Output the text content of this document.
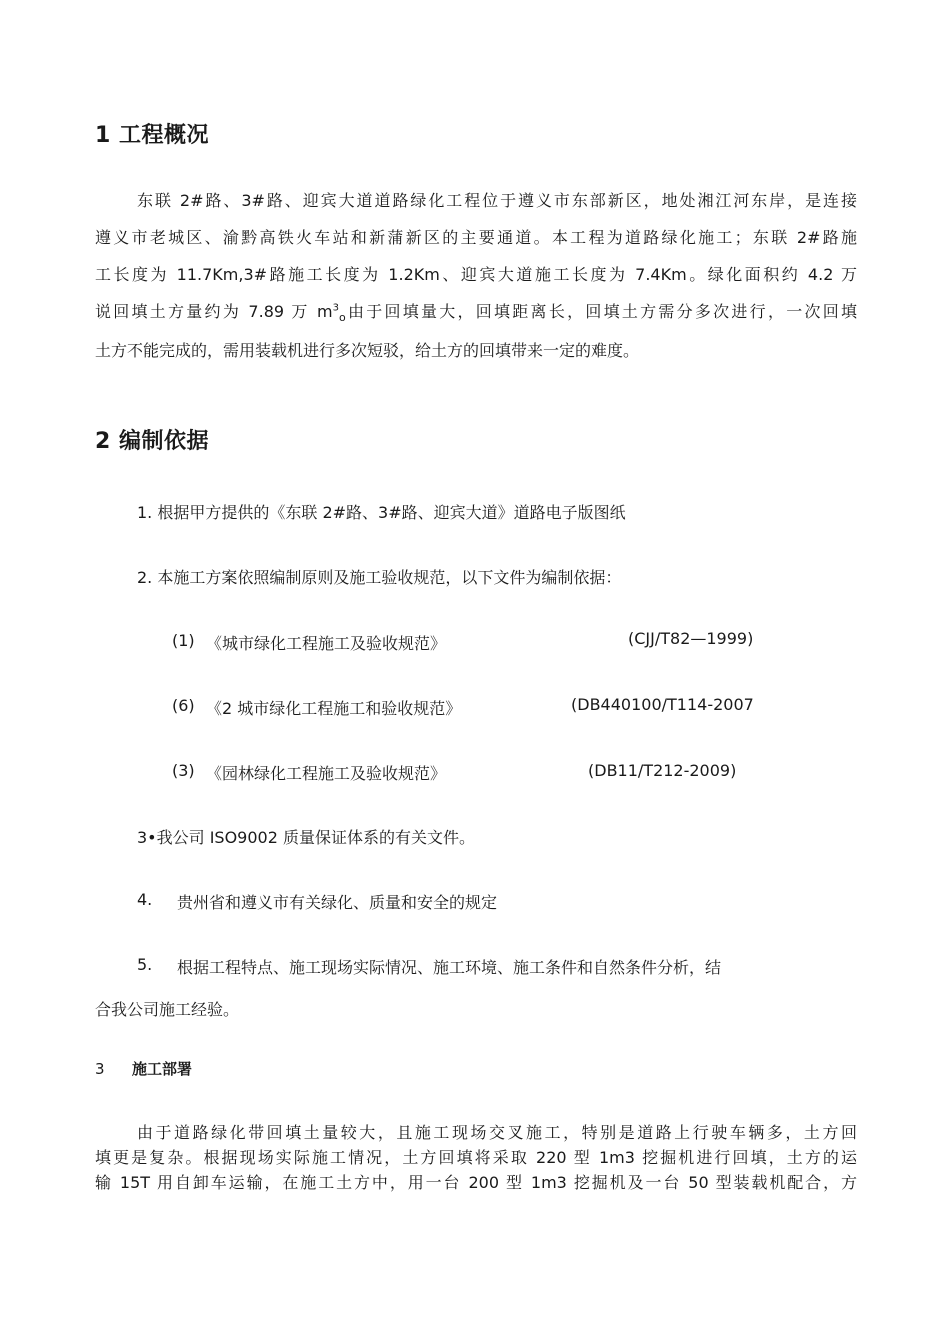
1 工程概况
东联 2#路、3#路、迎宾大道道路绿化工程位于遵义市东部新区，地处湘江河东岸，是连接
遵义市老城区、渝黔高铁火车站和新蒲新区的主要通道。本工程为道路绿化施工；东联 2#路施
工长度为 11.7Km,3#路施工长度为 1.2Km、迎宾大道施工长度为 7.4Km。绿化面积约 4.2 万
说回填土方量约为 7.89 万 $m^3_o$由于回填量大，回填距离长，回填土方需分多次进行，一次回填
土方不能完成的，需用装载机进行多次短驳，给土方的回填带来一定的难度。
2 编制依据
1. 根据甲方提供的《东联 2#路、3#路、迎宾大道》道路电子版图纸
2. 本施工方案依照编制原则及施工验收规范，以下文件为编制依据：
(1) 《城市绿化工程施工及验收规范》	(CJJ/T82—1999)
(6) 《2 城市绿化工程施工和验收规范》	(DB440100/T114-2007
(3) 《园林绿化工程施工及验收规范》	(DB11/T212-2009)
3•我公司 ISO9002 质量保证体系的有关文件。
4. 贵州省和遵义市有关绿化、质量和安全的规定
5. 根据工程特点、施工现场实际情况、施工环境、施工条件和自然条件分析，结
合我公司施工经验。
3 施工部署
由于道路绿化带回填土量较大，且施工现场交叉施工，特别是道路上行驶车辆多，土方回
填更是复杂。根据现场实际施工情况，土方回填将采取 220 型 1m3 挖掘机进行回填，土方的运
输 15T 用自卸车运输，在施工土方中，用一台 200 型 1m3 挖掘机及一台 50 型装载机配合，方
